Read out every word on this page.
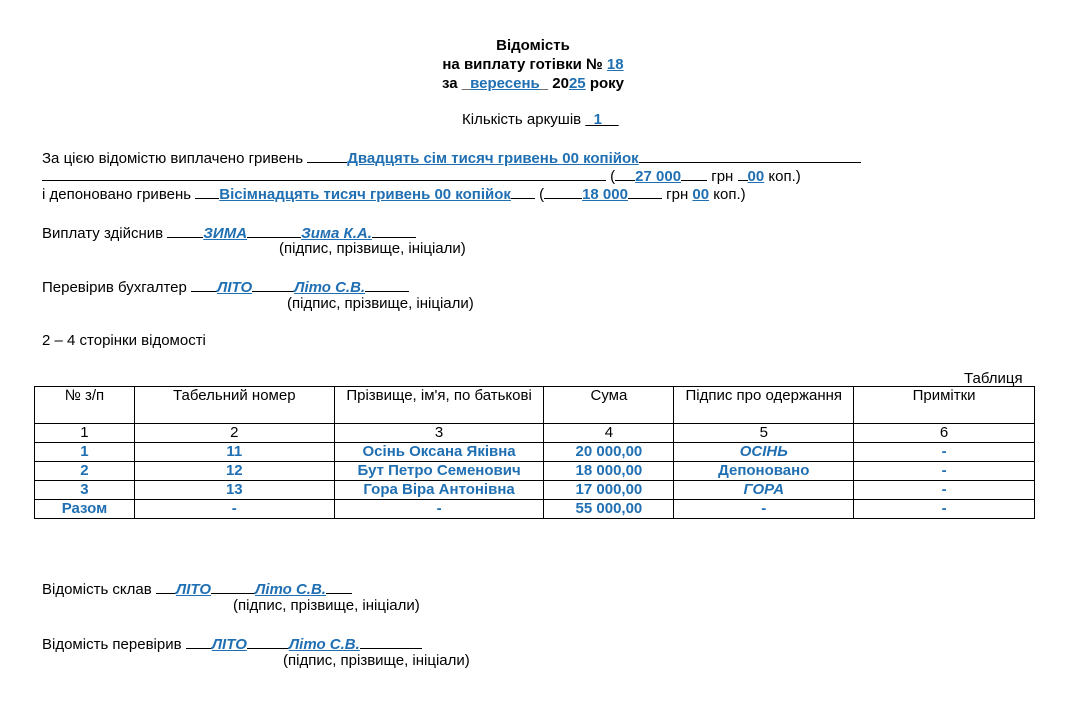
Відомість
на виплату готівки № 18
за _вересень_ 2025 року
Кількість аркушів 1
За цією відомістю виплачено гривень	Двадцять сім тисяч гривень 00 копійок
( 27 000 грн 00 коп.)
і депоновано гривень Вісімнадцять тисяч гривень 00 копійок (	18 000	грн 00 коп.)
Виплату здійснив	ЗИМА	Зима К.А.
(підпис, прізвище, ініціали)
Перевірив бухгалтер ЛІТО	Літо С.В.
(підпис, прізвище, ініціали)
2 – 4 сторінки відомості
Таблиця
№ з/п	Табельний номер	Прізвище, ім'я, по батькові	Сума	Підпис про одержання	Примітки
1	2	3	4	5	6
1	11	Осінь Оксана Яківна	20 000,00	ОСІНЬ	-
2	12	Бут Петро Семенович	18 000,00	Депоновано	-
3	13	Гора Віра Антонівна	17 000,00	ГОРА	-
Разом	-	-	55 000,00	-	-
Відомість склав ЛІТО	Літо С.В.
(підпис, прізвище, ініціали)
Відомість перевірив ЛІТО	Літо С.В.
(підпис, прізвище, ініціали)
